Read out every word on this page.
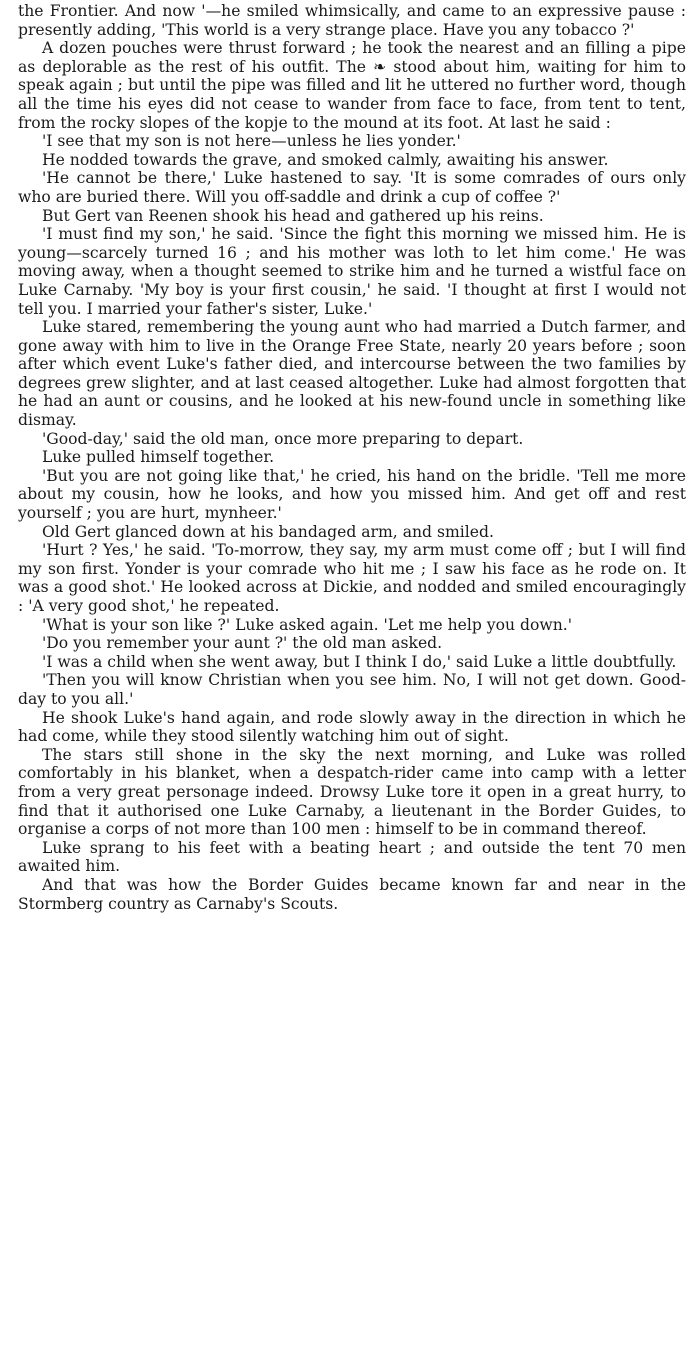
the Frontier. And now '—he smiled whimsically, and came to an expressive pause : presently adding, 'This world is a very strange place. Have you any tobacco ?'

A dozen pouches were thrust forward ; he took the nearest and an filling a pipe as deplorable as the rest of his outfit. The ❧ stood about him, waiting for him to speak again ; but until the pipe was filled and lit he uttered no further word, though all the time his eyes did not cease to wander from face to face, from tent to tent, from the rocky slopes of the kopje to the mound at its foot. At last he said :

'I see that my son is not here—unless he lies yonder.'

He nodded towards the grave, and smoked calmly, awaiting his answer.

'He cannot be there,' Luke hastened to say. 'It is some comrades of ours only who are buried there. Will you off-saddle and drink a cup of coffee ?'

But Gert van Reenen shook his head and gathered up his reins.

'I must find my son,' he said. 'Since the fight this morning we missed him. He is young—scarcely turned 16 ; and his mother was loth to let him come.' He was moving away, when a thought seemed to strike him and he turned a wistful face on Luke Carnaby. 'My boy is your first cousin,' he said. 'I thought at first I would not tell you. I married your father's sister, Luke.'

Luke stared, remembering the young aunt who had married a Dutch farmer, and gone away with him to live in the Orange Free State, nearly 20 years before ; soon after which event Luke's father died, and intercourse between the two families by degrees grew slighter, and at last ceased altogether. Luke had almost forgotten that he had an aunt or cousins, and he looked at his new-found uncle in something like dismay.

'Good-day,' said the old man, once more preparing to depart.

Luke pulled himself together.

'But you are not going like that,' he cried, his hand on the bridle. 'Tell me more about my cousin, how he looks, and how you missed him. And get off and rest yourself ; you are hurt, mynheer.'

Old Gert glanced down at his bandaged arm, and smiled.

'Hurt ? Yes,' he said. 'To-morrow, they say, my arm must come off ; but I will find my son first. Yonder is your comrade who hit me ; I saw his face as he rode on. It was a good shot.' He looked across at Dickie, and nodded and smiled encouragingly : 'A very good shot,' he repeated.

'What is your son like ?' Luke asked again. 'Let me help you down.'

'Do you remember your aunt ?' the old man asked.

'I was a child when she went away, but I think I do,' said Luke a little doubtfully.

'Then you will know Christian when you see him. No, I will not get down. Good-day to you all.'

He shook Luke's hand again, and rode slowly away in the direction in which he had come, while they stood silently watching him out of sight.

The stars still shone in the sky the next morning, and Luke was rolled comfortably in his blanket, when a despatch-rider came into camp with a letter from a very great personage indeed. Drowsy Luke tore it open in a great hurry, to find that it authorised one Luke Carnaby, a lieutenant in the Border Guides, to organise a corps of not more than 100 men : himself to be in command thereof.

Luke sprang to his feet with a beating heart ; and outside the tent 70 men awaited him.

And that was how the Border Guides became known far and near in the Stormberg country as Carnaby's Scouts.
